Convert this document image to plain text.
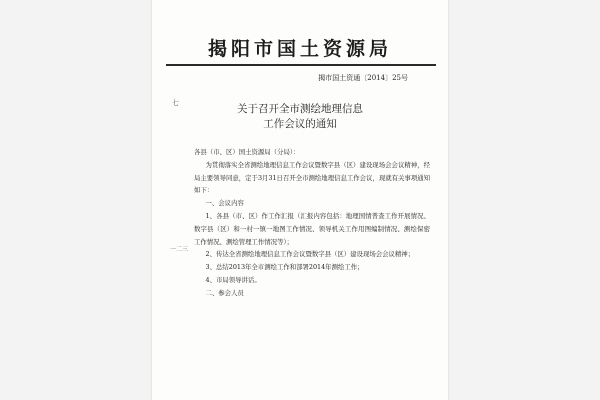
七
一二三
揭阳市国土资源局
揭市国土资通〔2014〕25号
关于召开全市测绘地理信息
工作会议的通知

各县（市、区）国土资源局（分局）：

为贯彻落实全省测绘地理信息工作会议暨数字县（区）建设现场会会议精神，经局主要领导同意，定于3月31日召开全市测绘地理信息工作会议，现就有关事项通知如下：

一、会议内容

1、各县（市、区）作工作汇报（汇报内容包括：地理国情普查工作开展情况、数字县（区）和一村一镇一地图工作情况、领导机关工作用图编制情况、测绘保密工作情况、测绘管理工作情况等）；

2、传达全省测绘地理信息工作会议暨数字县（区）建设现场会会议精神；

3、总结2013年全市测绘工作和部署2014年测绘工作；

4、市局领导讲话。

二、参会人员
